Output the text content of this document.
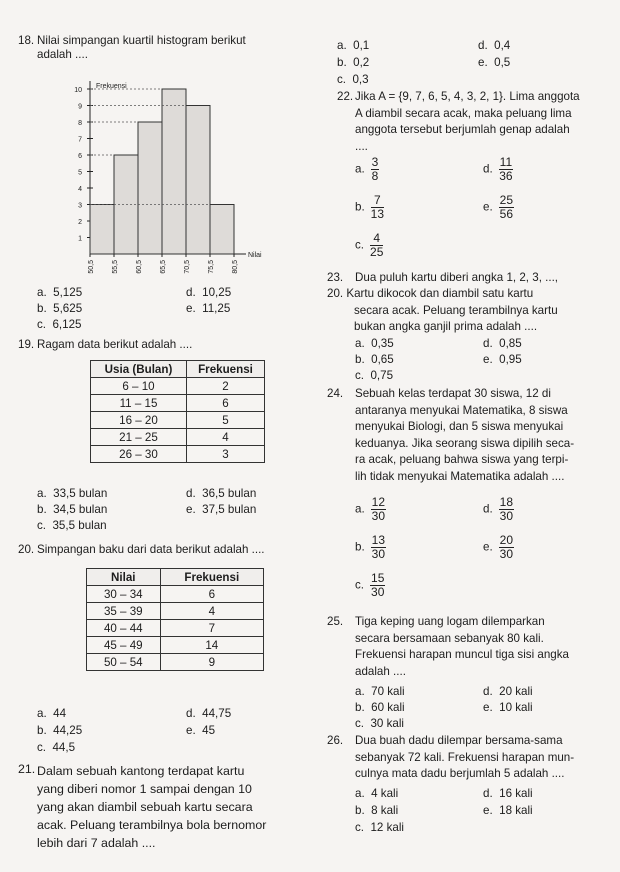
18. Nilai simpangan kuartil histogram berikut
adalah ....
1
2
3
4
5
6
7
8
9
10
50,5 55,5 60,5 65,5 70,5 75,5 80,5
Frekuensi
Nilai
a.  5,125
b.  5,625
c.  6,125
d.  10,25
e.  11,25
19. Ragam data berikut adalah ....
Usia (Bulan)	Frekuensi
6 – 10	2
11 – 15	6
16 – 20	5
21 – 25	4
26 – 30	3
a.  33,5 bulan
b.  34,5 bulan
c.  35,5 bulan
d.  36,5 bulan
e.  37,5 bulan
20. Simpangan baku dari data berikut adalah ....
Nilai	Frekuensi
30 – 34	6
35 – 39	4
40 – 44	7
45 – 49	14
50 – 54	9
a.  44
b.  44,25
c.  44,5
d.  44,75
e.  45
21. Dalam sebuah kantong terdapat kartu
yang diberi nomor 1 sampai dengan 10
yang akan diambil sebuah kartu secara
acak. Peluang terambilnya bola bernomor
lebih dari 7 adalah ....
a.  0,1
b.  0,2
c.  0,3
d.  0,4
e.  0,5
22. Jika A = {9, 7, 6, 5, 4, 3, 2, 1}. Lima anggota
A diambil secara acak, maka peluang lima
anggota tersebut berjumlah genap adalah
....
a. $\frac{3}{8}$
b. $\frac{7}{13}$
c. $\frac{4}{25}$
d. $\frac{11}{36}$
e. $\frac{25}{56}$
23. Dua puluh kartu diberi angka 1, 2, 3, ...,
20. Kartu dikocok dan diambil satu kartu
secara acak. Peluang terambilnya kartu
bukan angka ganjil prima adalah ....
a.  0,35
b.  0,65
c.  0,75
d.  0,85
e.  0,95
24. Sebuah kelas terdapat 30 siswa, 12 di
antaranya menyukai Matematika, 8 siswa
menyukai Biologi, dan 5 siswa menyukai
keduanya. Jika seorang siswa dipilih seca-
ra acak, peluang bahwa siswa yang terpi-
lih tidak menyukai Matematika adalah ....
a. $\frac{12}{30}$
b. $\frac{13}{30}$
c. $\frac{15}{30}$
d. $\frac{18}{30}$
e. $\frac{20}{30}$
25. Tiga keping uang logam dilemparkan
secara bersamaan sebanyak 80 kali.
Frekuensi harapan muncul tiga sisi angka
adalah ....
a.  70 kali
b.  60 kali
c.  30 kali
d.  20 kali
e.  10 kali
26. Dua buah dadu dilempar bersama-sama
sebanyak 72 kali. Frekuensi harapan mun-
culnya mata dadu berjumlah 5 adalah ....
a.  4 kali
b.  8 kali
c.  12 kali
d.  16 kali
e.  18 kali
